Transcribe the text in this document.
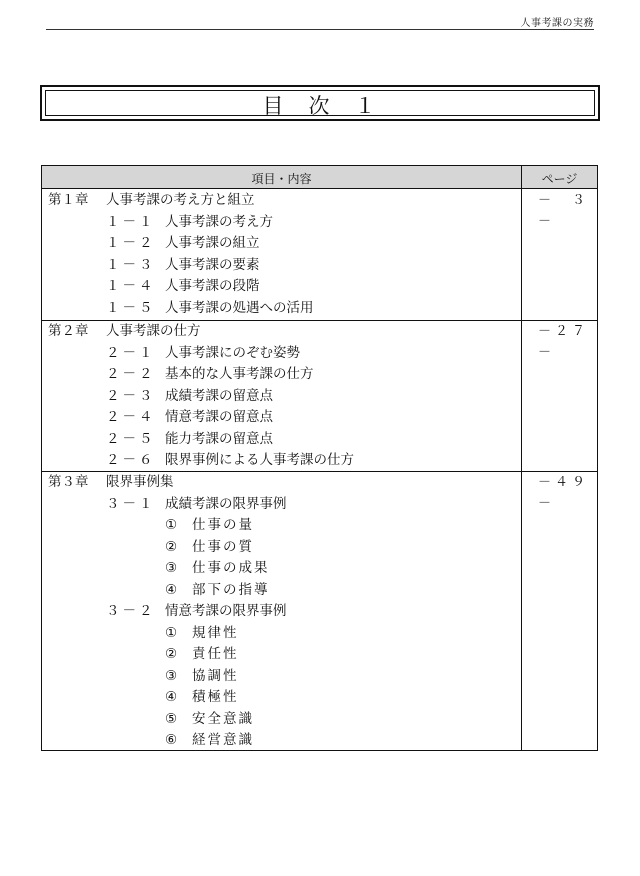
人事考課の実務
目　次　１
項目・内容	ページ
第１章 人事考課の考え方と組立	－　３－
１－１ 人事考課の考え方
１－２ 人事考課の組立
１－３ 人事考課の要素
１－４ 人事考課の段階
１－５ 人事考課の処遇への活用
第２章 人事考課の仕方	－２７－
２－１ 人事考課にのぞむ姿勢
２－２ 基本的な人事考課の仕方
２－３ 成績考課の留意点
２－４ 情意考課の留意点
２－５ 能力考課の留意点
２－６ 限界事例による人事考課の仕方
第３章 限界事例集	－４９－
３－１ 成績考課の限界事例
① 仕事の量
② 仕事の質
③ 仕事の成果
④ 部下の指導
３－２ 情意考課の限界事例
① 規律性
② 責任性
③ 協調性
④ 積極性
⑤ 安全意識
⑥ 経営意識
